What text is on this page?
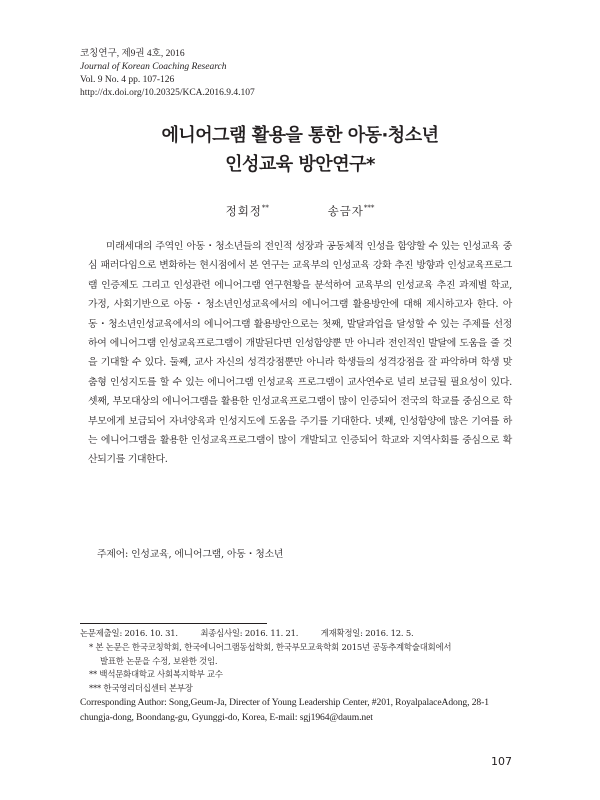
코칭연구, 제9권 4호, 2016
Journal of Korean Coaching Research
Vol. 9 No. 4 pp. 107-126
http://dx.doi.org/10.20325/KCA.2016.9.4.107
에니어그램 활용을 통한 아동·청소년
인성교육 방안연구*
정회정**	송금자***

미래세대의 주역인 아동・청소년들의 전인적 성장과 공동체적 인성을 함양할 수 있는 인성교육 중심 패러다임으로 변화하는 현시점에서 본 연구는 교육부의 인성교육 강화 추진 방향과 인성교육프로그램 인증제도 그리고 인성관련 에니어그램 연구현황을 분석하여 교육부의 인성교육 추진 과제별 학교, 가정, 사회기반으로 아동・청소년인성교육에서의 에니어그램 활용방안에 대해 제시하고자 한다. 아동・청소년인성교육에서의 에니어그램 활용방안으로는 첫째, 발달과업을 달성할 수 있는 주제를 선정하여 에니어그램 인성교육프로그램이 개발된다면 인성함양뿐 만 아니라 전인적인 발달에 도움을 줄 것을 기대할 수 있다. 둘째, 교사 자신의 성격강점뿐만 아니라 학생들의 성격강점을 잘 파악하며 학생 맞춤형 인성지도를 할 수 있는 에니어그램 인성교육 프로그램이 교사연수로 널리 보급될 필요성이 있다. 셋째, 부모대상의 에니어그램을 활용한 인성교육프로그램이 많이 인증되어 전국의 학교를 중심으로 학부모에게 보급되어 자녀양육과 인성지도에 도움을 주기를 기대한다. 넷째, 인성함양에 많은 기여를 하는 에니어그램을 활용한 인성교육프로그램이 많이 개발되고 인증되어 학교와 지역사회를 중심으로 확산되기를 기대한다.

주제어: 인성교육, 에니어그램, 아동・청소년
논문제출일: 2016. 10. 31.	최종심사일: 2016. 11. 21.	게재확정일: 2016. 12. 5.
* 본 논문은 한국코칭학회, 한국에니어그램동섭학회, 한국부모교육학회 2015년 공동추계학술대회에서
발표한 논문을 수정, 보완한 것임.
** 백석문화대학교 사회복지학부 교수
*** 한국영리더십센터 본부장
Corresponding Author: Song,Geum-Ja, Directer of Young Leadership Center, #201, RoyalpalaceAdong, 28-1 chungja-dong, Boondang-gu, Gyunggi-do, Korea, E-mail: sgj1964@daum.net
107
